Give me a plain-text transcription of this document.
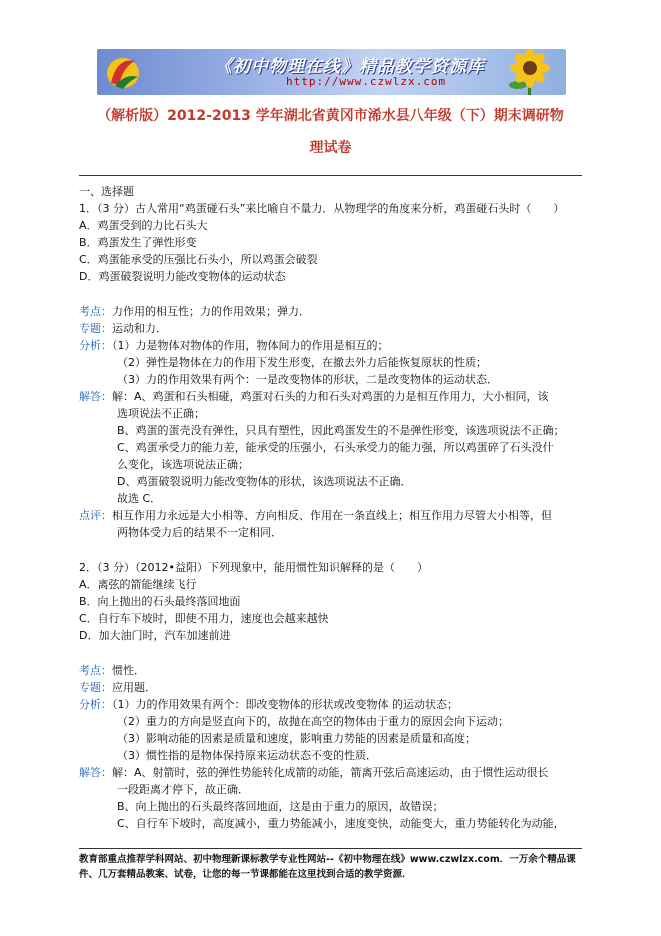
《初中物理在线》精品教学资源库
http://www.czwlzx.com
（解析版）2012-2013 学年湖北省黄冈市浠水县八年级（下）期末调研物
理试卷
一、选择题
1．（3 分）古人常用“鸡蛋碰石头”来比喻自不量力．从物理学的角度来分析，鸡蛋碰石头时（　　）
A．鸡蛋受到的力比石头大
B．鸡蛋发生了弹性形变
C．鸡蛋能承受的压强比石头小，所以鸡蛋会破裂
D．鸡蛋破裂说明力能改变物体的运动状态
考点：力作用的相互性；力的作用效果；弹力．
专题：运动和力．
分析：（1）力是物体对物体的作用，物体间力的作用是相互的；
（2）弹性是物体在力的作用下发生形变，在撤去外力后能恢复原状的性质；
（3）力的作用效果有两个：一是改变物体的形状，二是改变物体的运动状态．
解答：解：A、鸡蛋和石头相碰，鸡蛋对石头的力和石头对鸡蛋的力是相互作用力，大小相同，该
选项说法不正确；
B、鸡蛋的蛋壳没有弹性，只具有塑性，因此鸡蛋发生的不是弹性形变，该选项说法不正确；
C、鸡蛋承受力的能力差，能承受的压强小，石头承受力的能力强，所以鸡蛋碎了石头没什
么变化，该选项说法正确；
D、鸡蛋破裂说明力能改变物体的形状，该选项说法不正确．
故选 C．
点评：相互作用力永远是大小相等、方向相反、作用在一条直线上；相互作用力尽管大小相等，但
两物体受力后的结果不一定相同．
2．（3 分）（2012•益阳）下列现象中，能用惯性知识解释的是（　　）
A．离弦的箭能继续飞行
B．向上抛出的石头最终落回地面
C．自行车下坡时，即使不用力，速度也会越来越快
D．加大油门时，汽车加速前进
考点：惯性．
专题：应用题．
分析：（1）力的作用效果有两个：即改变物体的形状或改变物体 的运动状态；
（2）重力的方向是竖直向下的，故抛在高空的物体由于重力的原因会向下运动；
（3）影响动能的因素是质量和速度，影响重力势能的因素是质量和高度；
（3）惯性指的是物体保持原来运动状态不变的性质．
解答：解：A、射箭时，弦的弹性势能转化成箭的动能，箭离开弦后高速运动，由于惯性运动很长
一段距离才停下，故正确．
B、向上抛出的石头最终落回地面，这是由于重力的原因，故错误；
C、自行车下坡时，高度减小，重力势能减小，速度变快，动能变大，重力势能转化为动能，
教育部重点推荐学科网站、初中物理新课标教学专业性网站--《初中物理在线》www.czwlzx.com．一万余个精品课
件、几万套精品教案、试卷，让您的每一节课都能在这里找到合适的教学资源．
